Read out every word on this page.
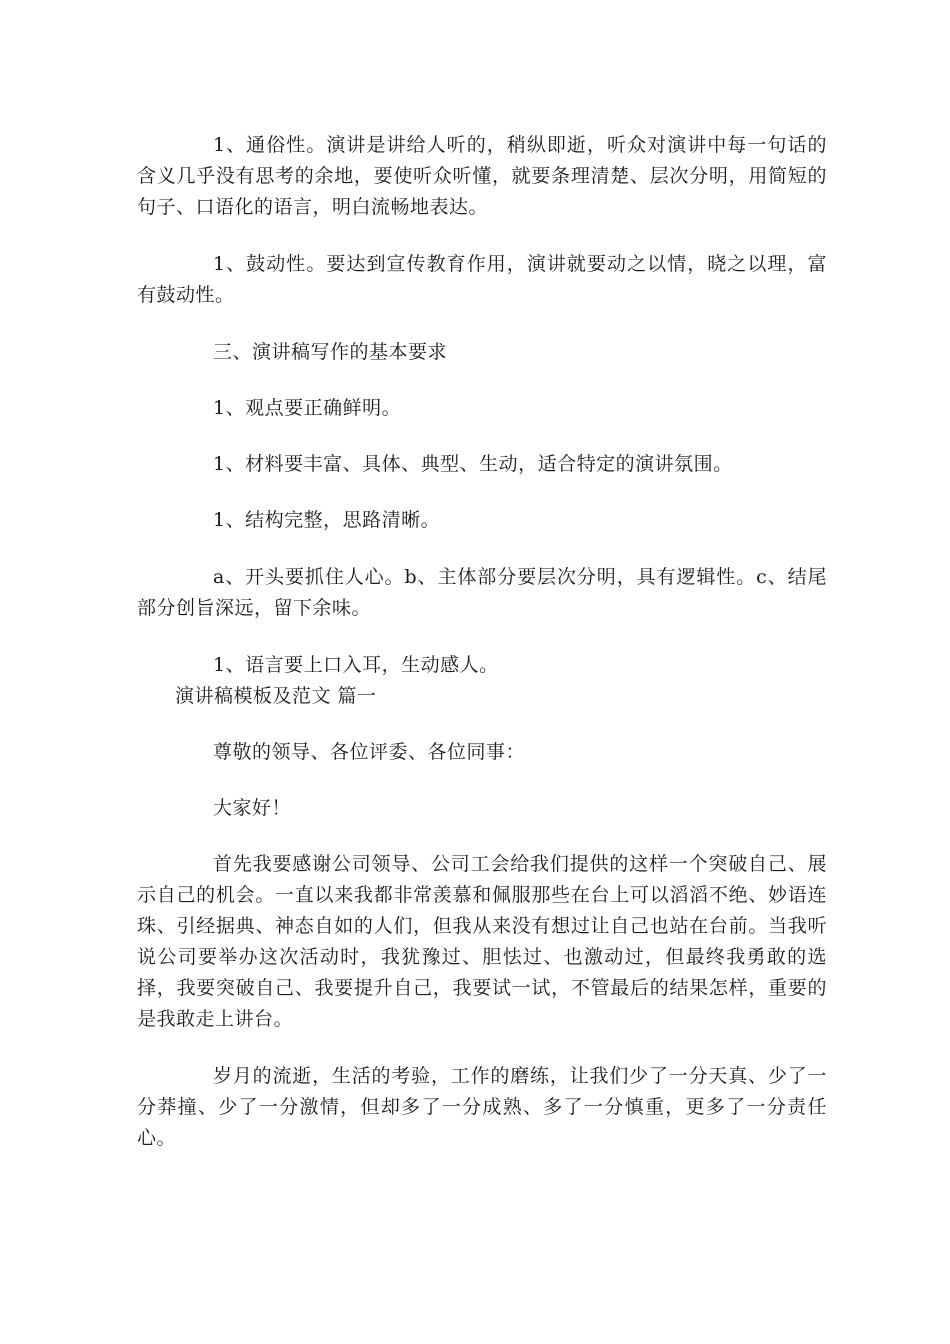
1、通俗性。演讲是讲给人听的，稍纵即逝，听众对演讲中每一句话的含义几乎没有思考的余地，要使听众听懂，就要条理清楚、层次分明，用简短的句子、口语化的语言，明白流畅地表达。

1、鼓动性。要达到宣传教育作用，演讲就要动之以情，晓之以理，富有鼓动性。

三、演讲稿写作的基本要求

1、观点要正确鲜明。

1、材料要丰富、具体、典型、生动，适合特定的演讲氛围。

1、结构完整，思路清晰。

a、开头要抓住人心。b、主体部分要层次分明，具有逻辑性。c、结尾部分创旨深远，留下余味。

1、语言要上口入耳，生动感人。

演讲稿模板及范文 篇一

尊敬的领导、各位评委、各位同事：

大家好！

首先我要感谢公司领导、公司工会给我们提供的这样一个突破自己、展示自己的机会。一直以来我都非常羡慕和佩服那些在台上可以滔滔不绝、妙语连珠、引经据典、神态自如的人们，但我从来没有想过让自己也站在台前。当我听说公司要举办这次活动时，我犹豫过、胆怯过、也激动过，但最终我勇敢的选择，我要突破自己、我要提升自己，我要试一试，不管最后的结果怎样，重要的是我敢走上讲台。

岁月的流逝，生活的考验，工作的磨练，让我们少了一分天真、少了一分莽撞、少了一分激情，但却多了一分成熟、多了一分慎重，更多了一分责任心。
